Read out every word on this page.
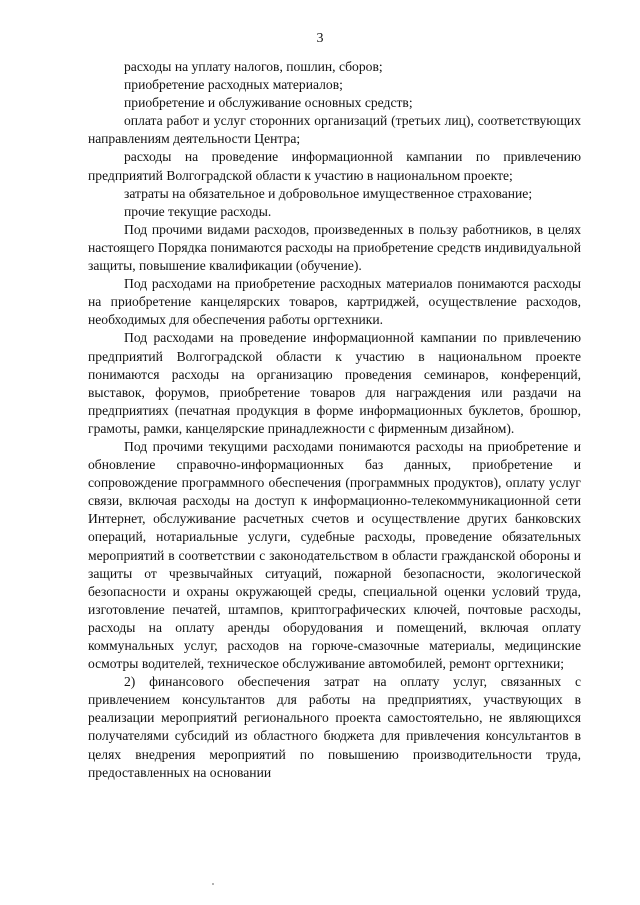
3

расходы на уплату налогов, пошлин, сборов;

приобретение расходных материалов;

приобретение и обслуживание основных средств;

оплата работ и услуг сторонних организаций (третьих лиц), соответствующих направлениям деятельности Центра;

расходы на проведение информационной кампании по привлечению предприятий Волгоградской области к участию в национальном проекте;

затраты на обязательное и добровольное имущественное страхование;

прочие текущие расходы.

Под прочими видами расходов, произведенных в пользу работников, в целях настоящего Порядка понимаются расходы на приобретение средств индивидуальной защиты, повышение квалификации (обучение).

Под расходами на приобретение расходных материалов понимаются расходы на приобретение канцелярских товаров, картриджей, осуществление расходов, необходимых для обеспечения работы оргтехники.

Под расходами на проведение информационной кампании по привлечению предприятий Волгоградской области к участию в национальном проекте понимаются расходы на организацию проведения семинаров, конференций, выставок, форумов, приобретение товаров для награждения или раздачи на предприятиях (печатная продукция в форме информационных буклетов, брошюр, грамоты, рамки, канцелярские принадлежности с фирменным дизайном).

Под прочими текущими расходами понимаются расходы на приобретение и обновление справочно-информационных баз данных, приобретение и сопровождение программного обеспечения (программных продуктов), оплату услуг связи, включая расходы на доступ к информационно-телекоммуникационной сети Интернет, обслуживание расчетных счетов и осуществление других банковских операций, нотариальные услуги, судебные расходы, проведение обязательных мероприятий в соответствии с законодательством в области гражданской обороны и защиты от чрезвычайных ситуаций, пожарной безопасности, экологической безопасности и охраны окружающей среды, специальной оценки условий труда, изготовление печатей, штампов, криптографических ключей, почтовые расходы, расходы на оплату аренды оборудования и помещений, включая оплату коммунальных услуг, расходов на горюче-смазочные материалы, медицинские осмотры водителей, техническое обслуживание автомобилей, ремонт оргтехники;

2) финансового обеспечения затрат на оплату услуг, связанных с привлечением консультантов для работы на предприятиях, участвующих в реализации мероприятий регионального проекта самостоятельно, не являющихся получателями субсидий из областного бюджета для привлечения консультантов в целях внедрения мероприятий по повышению производительности труда, предоставленных на основании
